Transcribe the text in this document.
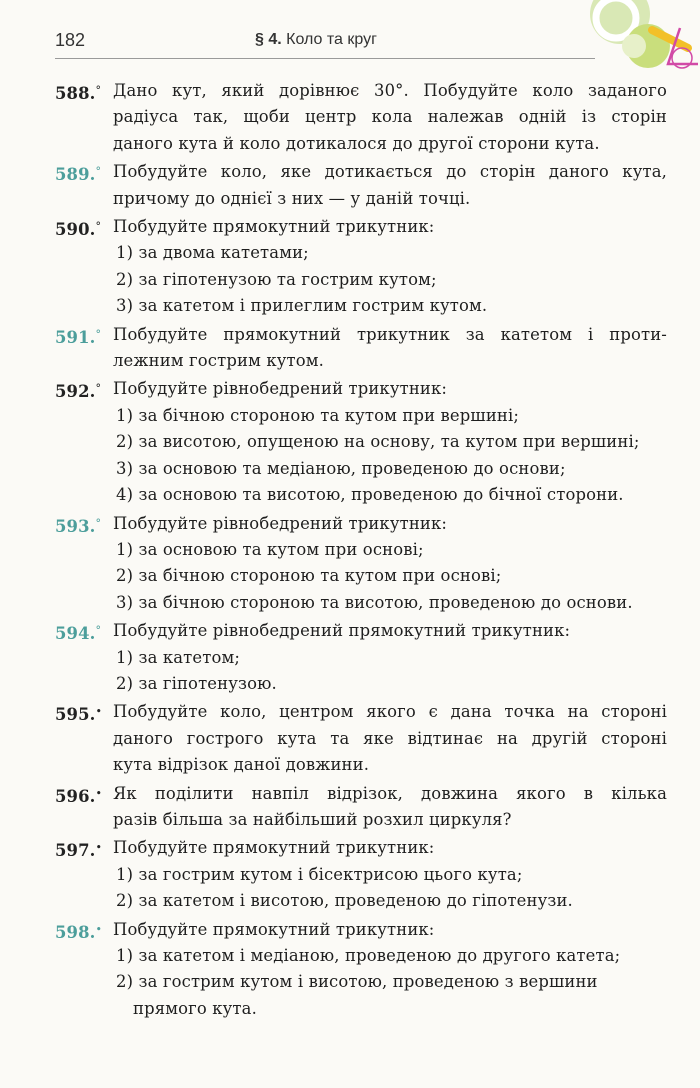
182	§ 4. Коло та круг
588.° Дано кут, який дорівнює 30°. Побудуйте коло заданого
радіуса так, щоби центр кола належав одній із сторін
даного кута й коло дотикалося до другої сторони кута.
589.° Побудуйте коло, яке дотикається до сторін даного кута,
причому до однієї з них — у даній точці.
590.° Побудуйте прямокутний трикутник:
1) за двома катетами;
2) за гіпотенузою та гострим кутом;
3) за катетом і прилеглим гострим кутом.
591.° Побудуйте прямокутний трикутник за катетом і проти-
лежним гострим кутом.
592.° Побудуйте рівнобедрений трикутник:
1) за бічною стороною та кутом при вершині;
2) за висотою, опущеною на основу, та кутом при вершині;
3) за основою та медіаною, проведеною до основи;
4) за основою та висотою, проведеною до бічної сторони.
593.° Побудуйте рівнобедрений трикутник:
1) за основою та кутом при основі;
2) за бічною стороною та кутом при основі;
3) за бічною стороною та висотою, проведеною до основи.
594.° Побудуйте рівнобедрений прямокутний трикутник:
1) за катетом;
2) за гіпотенузою.
595.• Побудуйте коло, центром якого є дана точка на стороні
даного гострого кута та яке відтинає на другій стороні
кута відрізок даної довжини.
596.• Як поділити навпіл відрізок, довжина якого в кілька
разів більша за найбільший розхил циркуля?
597.• Побудуйте прямокутний трикутник:
1) за гострим кутом і бісектрисою цього кута;
2) за катетом і висотою, проведеною до гіпотенузи.
598.• Побудуйте прямокутний трикутник:
1) за катетом і медіаною, проведеною до другого катета;
2) за гострим кутом і висотою, проведеною з вершини
прямого кута.
